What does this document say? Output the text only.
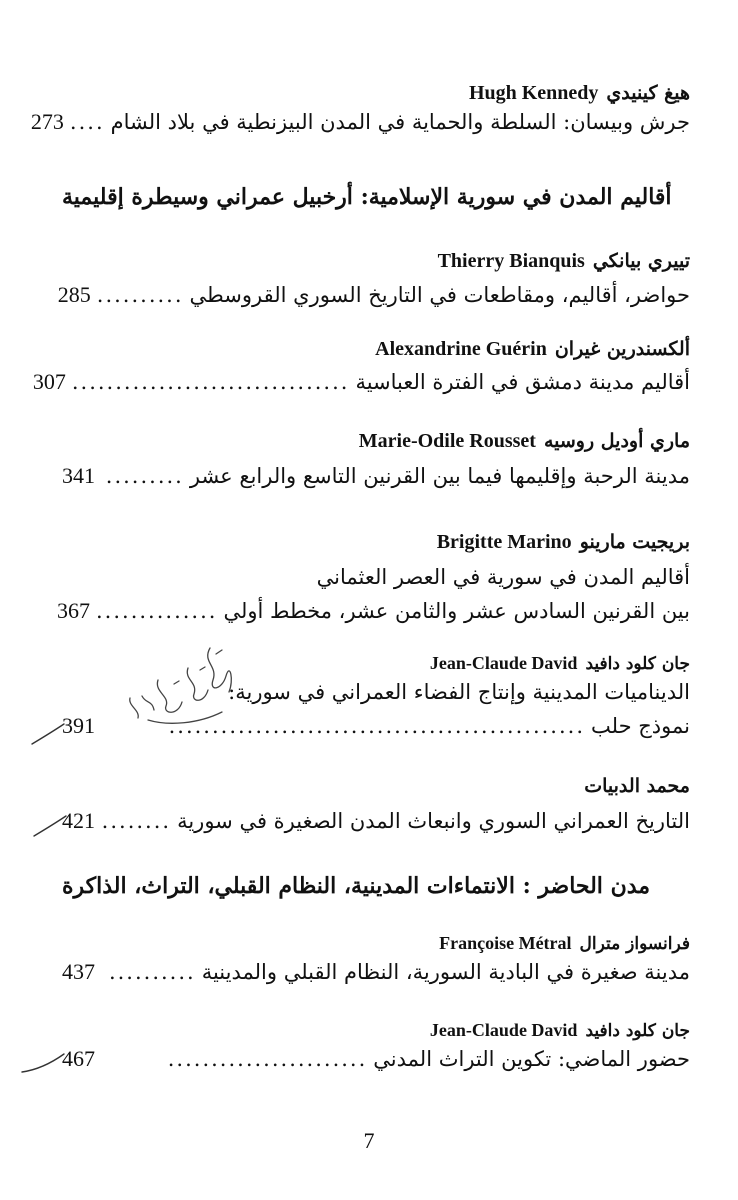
هيغ كينيديHugh Kennedy
جرش وبيسان: السلطة والحماية في المدن البيزنطية في بلاد الشام
....
273
أقاليم المدن في سورية الإسلامية: أرخبيل عمراني وسيطرة إقليمية
تييري بيانكيThierry Bianquis
حواضر، أقاليم، ومقاطعات في التاريخ السوري القروسطي
..........
285
ألكسندرين غيرانAlexandrine Guérin
أقاليم مدينة دمشق في الفترة العباسية
................................
307
ماري أوديل روسيهMarie-Odile Rousset
مدينة الرحبة وإقليمها فيما بين القرنين التاسع والرابع عشر
.........
341
بريجيت مارينوBrigitte Marino
أقاليم المدن في سورية في العصر العثماني
بين القرنين السادس عشر والثامن عشر، مخطط أولي
..............
367
جان كلود دافيدJean-Claude David
الديناميات المدينية وإنتاج الفضاء العمراني في سورية:
نموذج حلب
................................................
391
محمد الدبيات
التاريخ العمراني السوري وانبعاث المدن الصغيرة في سورية
........
421
مدن الحاضر : الانتماءات المدينية، النظام القبلي، التراث، الذاكرة
فرانسواز مترالFrançoise Métral
مدينة صغيرة في البادية السورية، النظام القبلي والمدينية
..........
437
جان كلود دافيدJean-Claude David
حضور الماضي: تكوين التراث المدني
.......................
467
7
